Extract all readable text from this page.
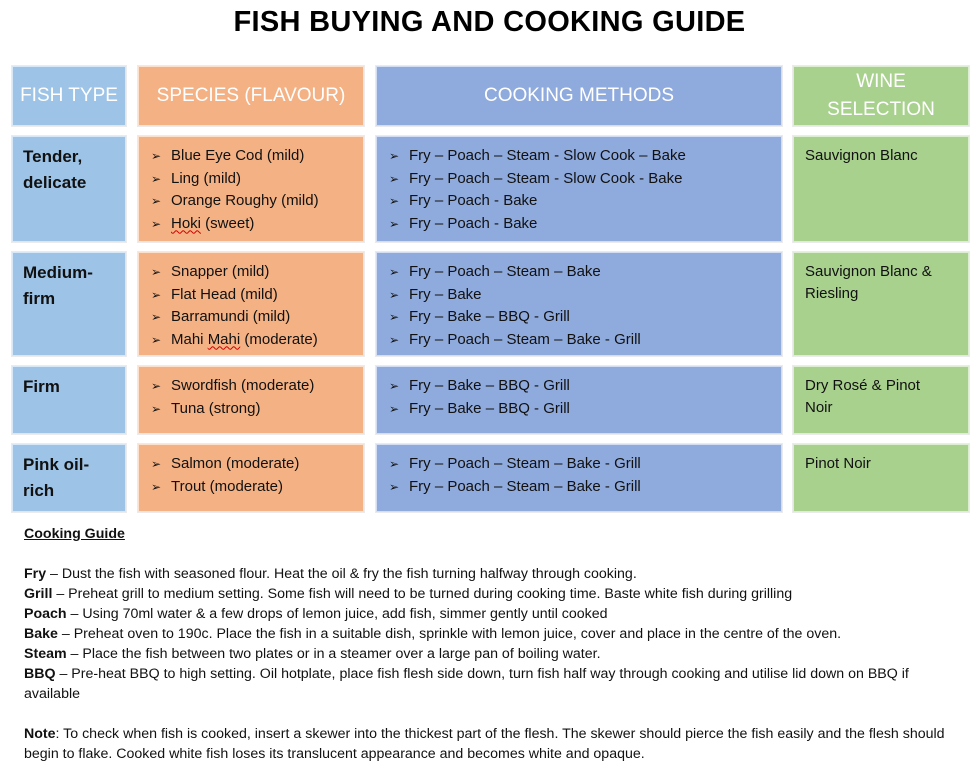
FISH BUYING AND COOKING GUIDE
FISH TYPE SPECIES (FLAVOUR)	COOKING METHODS
WINE SELECTION
Tender, delicate
➢ Blue Eye Cod (mild)
➢ Ling (mild)
➢ Orange Roughy (mild)
➢ Hoki (sweet)
➢ Fry – Poach – Steam - Slow Cook – Bake
➢ Fry – Poach – Steam - Slow Cook - Bake
➢ Fry – Poach - Bake
➢ Fry – Poach - Bake
Sauvignon Blanc
Medium-firm
➢ Snapper (mild)
➢ Flat Head (mild)
➢ Barramundi (mild)
➢ Mahi Mahi (moderate)
➢ Fry – Poach – Steam – Bake
➢ Fry – Bake
➢ Fry – Bake – BBQ - Grill
➢ Fry – Poach – Steam – Bake - Grill
Sauvignon Blanc & Riesling
Firm	➢ Swordfish (moderate)
➢ Tuna (strong)
➢ Fry – Bake – BBQ - Grill
➢ Fry – Bake – BBQ - Grill
Dry Rosé & Pinot Noir
Pink oil-rich
➢ Salmon (moderate)
➢ Trout (moderate)
➢ Fry – Poach – Steam – Bake - Grill
➢ Fry – Poach – Steam – Bake - Grill
Pinot Noir
Cooking Guide

Fry – Dust the fish with seasoned flour. Heat the oil & fry the fish turning halfway through cooking.

Grill – Preheat grill to medium setting. Some fish will need to be turned during cooking time. Baste white fish during grilling

Poach – Using 70ml water & a few drops of lemon juice, add fish, simmer gently until cooked

Bake – Preheat oven to 190c. Place the fish in a suitable dish, sprinkle with lemon juice, cover and place in the centre of the oven.

Steam – Place the fish between two plates or in a steamer over a large pan of boiling water.

BBQ – Pre-heat BBQ to high setting. Oil hotplate, place fish flesh side down, turn fish half way through cooking and utilise lid down on BBQ if available

Note: To check when fish is cooked, insert a skewer into the thickest part of the flesh. The skewer should pierce the fish easily and the flesh should begin to flake. Cooked white fish loses its translucent appearance and becomes white and opaque.
